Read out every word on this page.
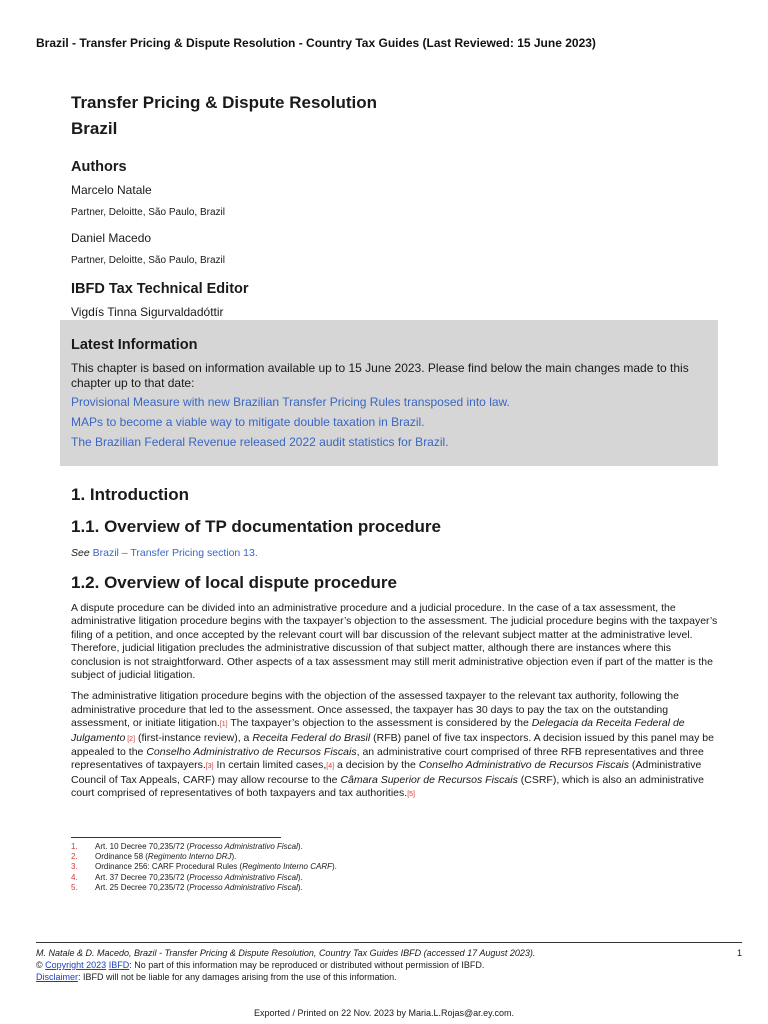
Brazil - Transfer Pricing & Dispute Resolution - Country Tax Guides (Last Reviewed: 15 June 2023)
Transfer Pricing & Dispute Resolution
Brazil
Authors
Marcelo Natale
Partner, Deloitte, São Paulo, Brazil
Daniel Macedo
Partner, Deloitte, São Paulo, Brazil
IBFD Tax Technical Editor
Vigdís Tinna Sigurvaldadóttir
Latest Information

This chapter is based on information available up to 15 June 2023. Please find below the main changes made to this chapter up to that date:

Provisional Measure with new Brazilian Transfer Pricing Rules transposed into law.

MAPs to become a viable way to mitigate double taxation in Brazil.

The Brazilian Federal Revenue released 2022 audit statistics for Brazil.

1. Introduction
1.1. Overview of TP documentation procedure
See Brazil – Transfer Pricing section 13.
1.2. Overview of local dispute procedure

A dispute procedure can be divided into an administrative procedure and a judicial procedure. In the case of a tax assessment, the administrative litigation procedure begins with the taxpayer’s objection to the assessment. The judicial procedure begins with the taxpayer’s filing of a petition, and once accepted by the relevant court will bar discussion of the relevant subject matter at the administrative level. Therefore, judicial litigation precludes the administrative discussion of that subject matter, although there are instances where this conclusion is not straightforward. Other aspects of a tax assessment may still merit administrative objection even if part of the matter is the subject of judicial litigation.

The administrative litigation procedure begins with the objection of the assessed taxpayer to the relevant tax authority, following the administrative procedure that led to the assessment. Once assessed, the taxpayer has 30 days to pay the tax on the outstanding assessment, or initiate litigation.[1] The taxpayer’s objection to the assessment is considered by the Delegacia da Receita Federal de Julgamento [2] (first-instance review), a Receita Federal do Brasil (RFB) panel of five tax inspectors. A decision issued by this panel may be appealed to the Conselho Administrativo de Recursos Fiscais, an administrative court comprised of three RFB representatives and three representatives of taxpayers.[3] In certain limited cases,[4] a decision by the Conselho Administrativo de Recursos Fiscais (Administrative Council of Tax Appeals, CARF) may allow recourse to the Câmara Superior de Recursos Fiscais (CSRF), which is also an administrative court comprised of representatives of both taxpayers and tax authorities.[5]

1.	Art. 10 Decree 70,235/72 (Processo Administrativo Fiscal).
2.	Ordinance 58 (Regimento Interno DRJ).
3.	Ordinance 256: CARF Procedural Rules (Regimento Interno CARF).
4.	Art. 37 Decree 70,235/72 (Processo Administrativo Fiscal).
5.	Art. 25 Decree 70,235/72 (Processo Administrativo Fiscal).
M. Natale & D. Macedo, Brazil - Transfer Pricing & Dispute Resolution, Country Tax Guides IBFD (accessed 17 August 2023).	1
© Copyright 2023 IBFD: No part of this information may be reproduced or distributed without permission of IBFD.
Disclaimer: IBFD will not be liable for any damages arising from the use of this information.
Exported / Printed on 22 Nov. 2023 by Maria.L.Rojas@ar.ey.com.
